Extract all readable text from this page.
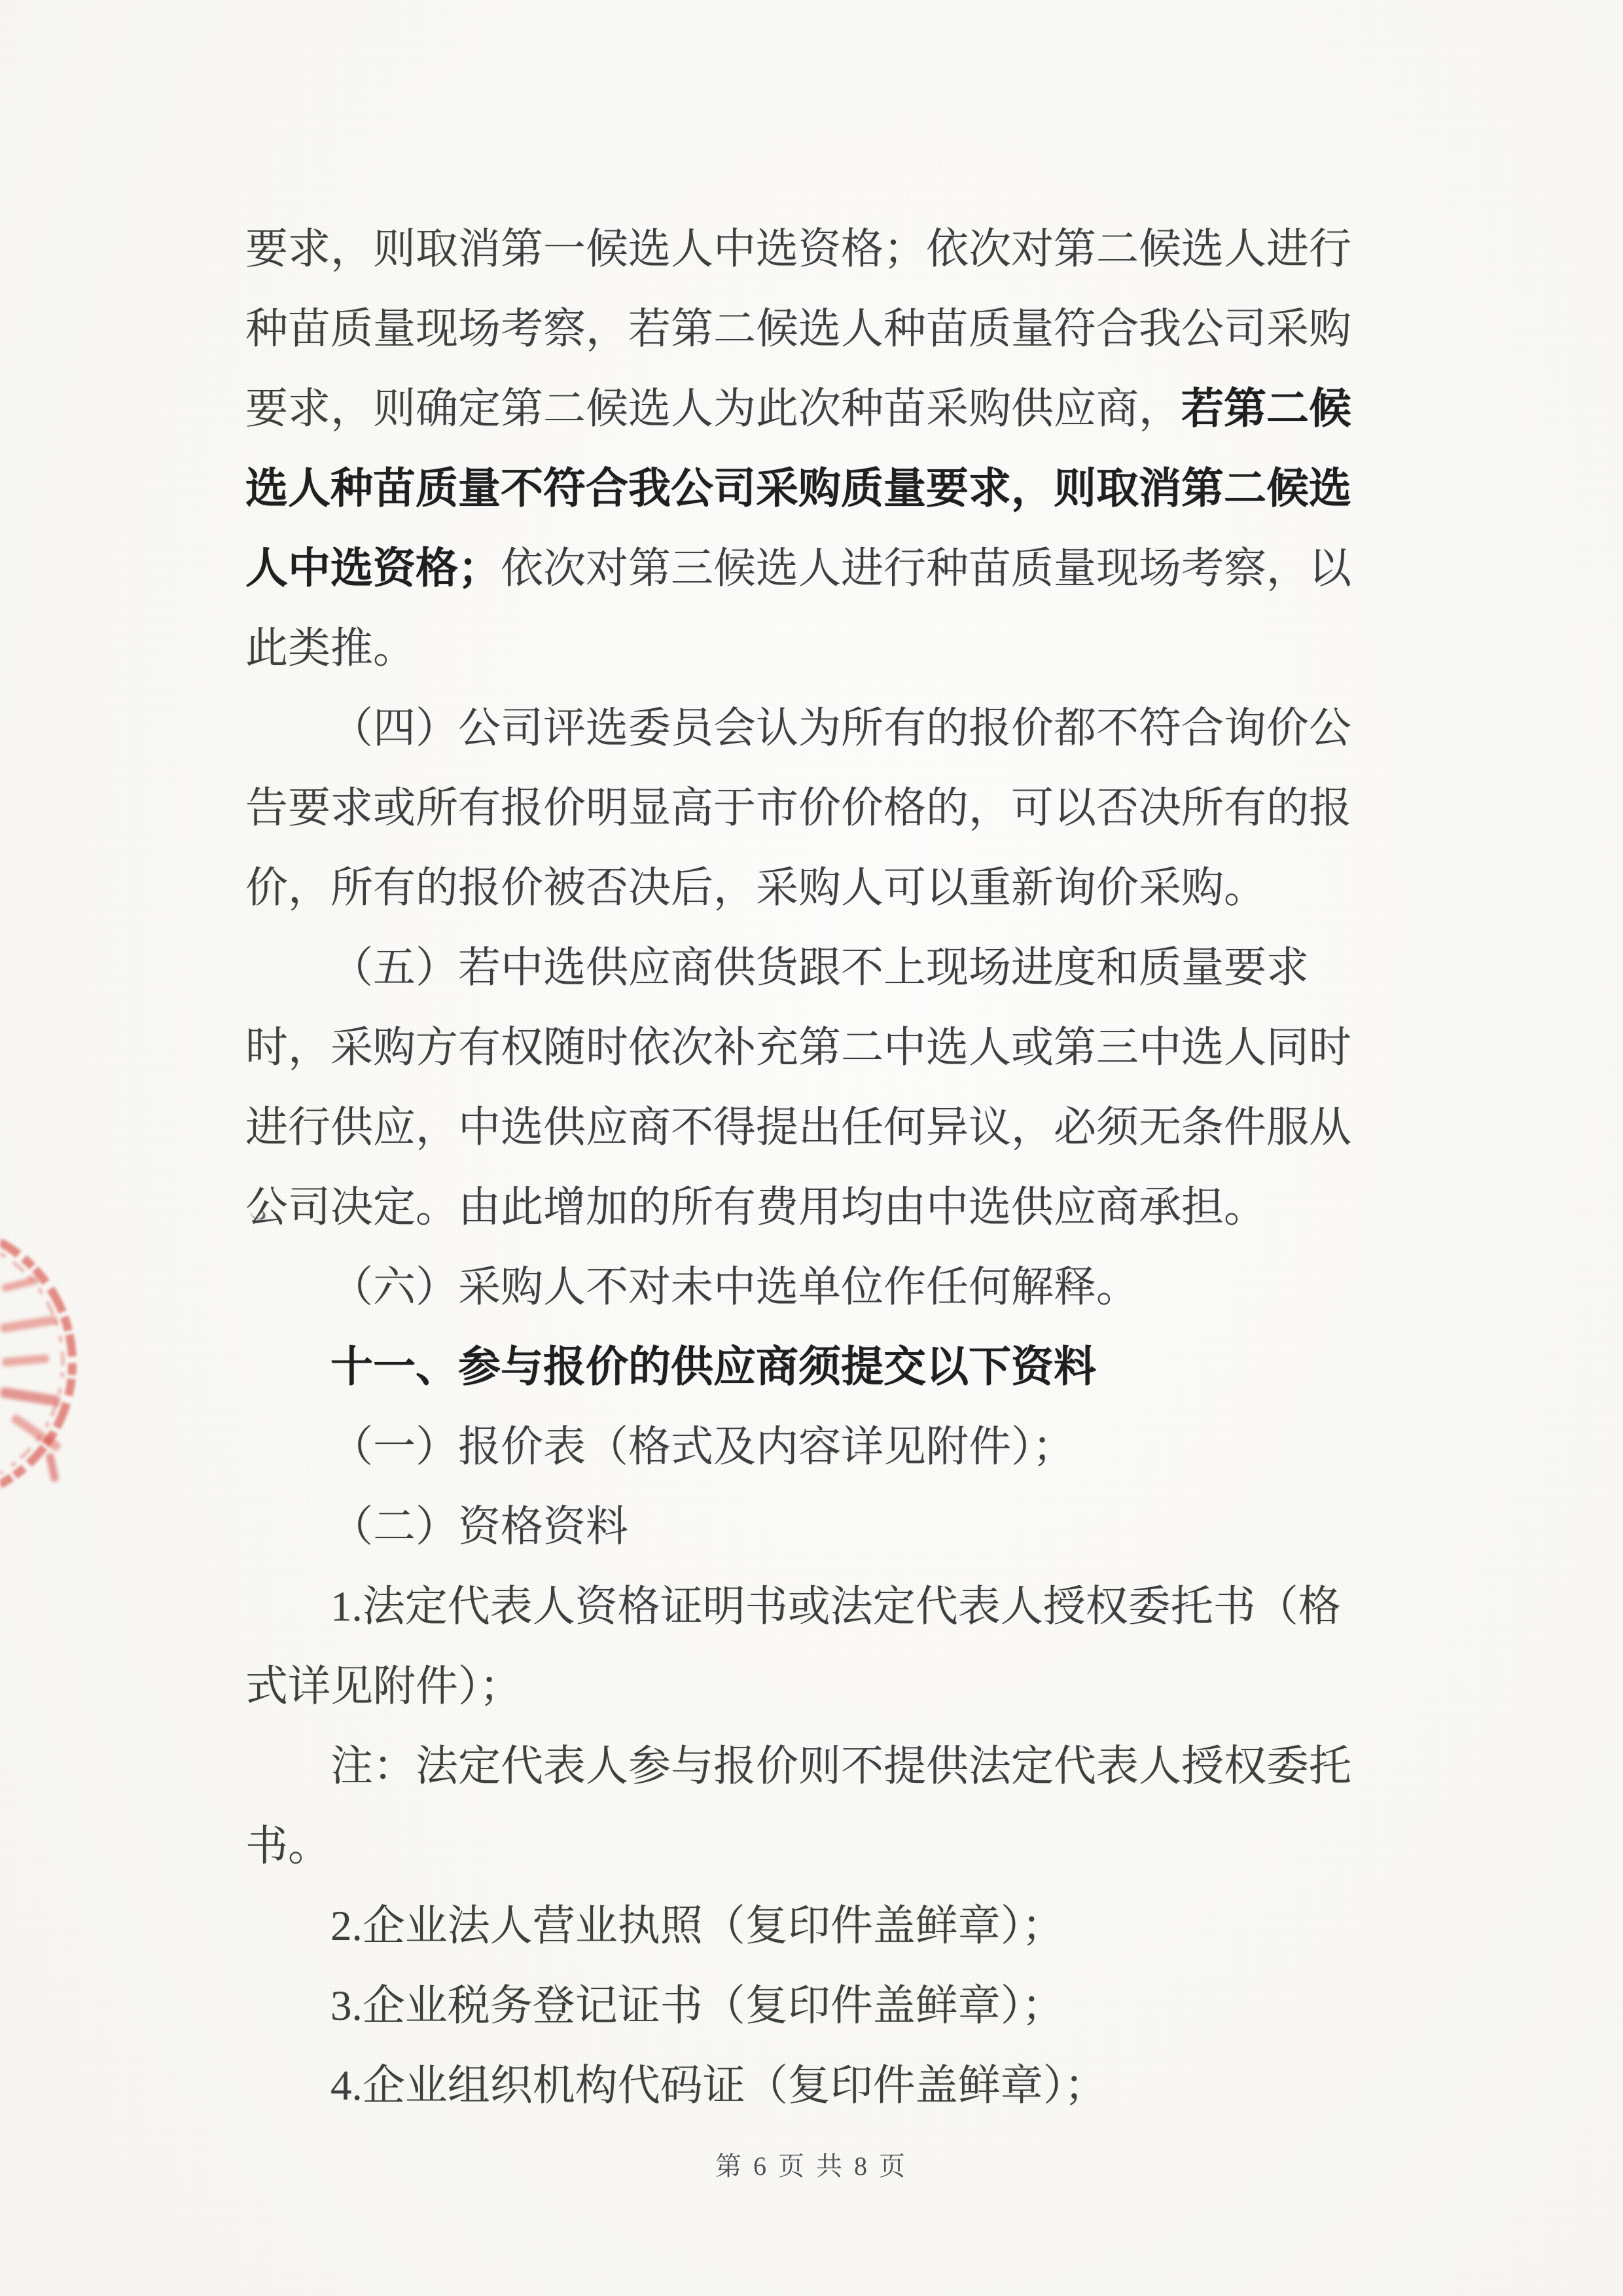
要求，则取消第一候选人中选资格；依次对第二候选人进行
种苗质量现场考察，若第二候选人种苗质量符合我公司采购
要求，则确定第二候选人为此次种苗采购供应商，若第二候
选人种苗质量不符合我公司采购质量要求，则取消第二候选
人中选资格；依次对第三候选人进行种苗质量现场考察，以
此类推。
（四）公司评选委员会认为所有的报价都不符合询价公
告要求或所有报价明显高于市价价格的，可以否决所有的报
价，所有的报价被否决后，采购人可以重新询价采购。
（五）若中选供应商供货跟不上现场进度和质量要求
时，采购方有权随时依次补充第二中选人或第三中选人同时
进行供应，中选供应商不得提出任何异议，必须无条件服从
公司决定。由此增加的所有费用均由中选供应商承担。
（六）采购人不对未中选单位作任何解释。
十一、参与报价的供应商须提交以下资料
（一）报价表（格式及内容详见附件）；
（二）资格资料
1.法定代表人资格证明书或法定代表人授权委托书（格
式详见附件）；
注：法定代表人参与报价则不提供法定代表人授权委托
书。
2.企业法人营业执照（复印件盖鲜章）；
3.企业税务登记证书（复印件盖鲜章）；
4.企业组织机构代码证（复印件盖鲜章）；
第 6 页 共 8 页
